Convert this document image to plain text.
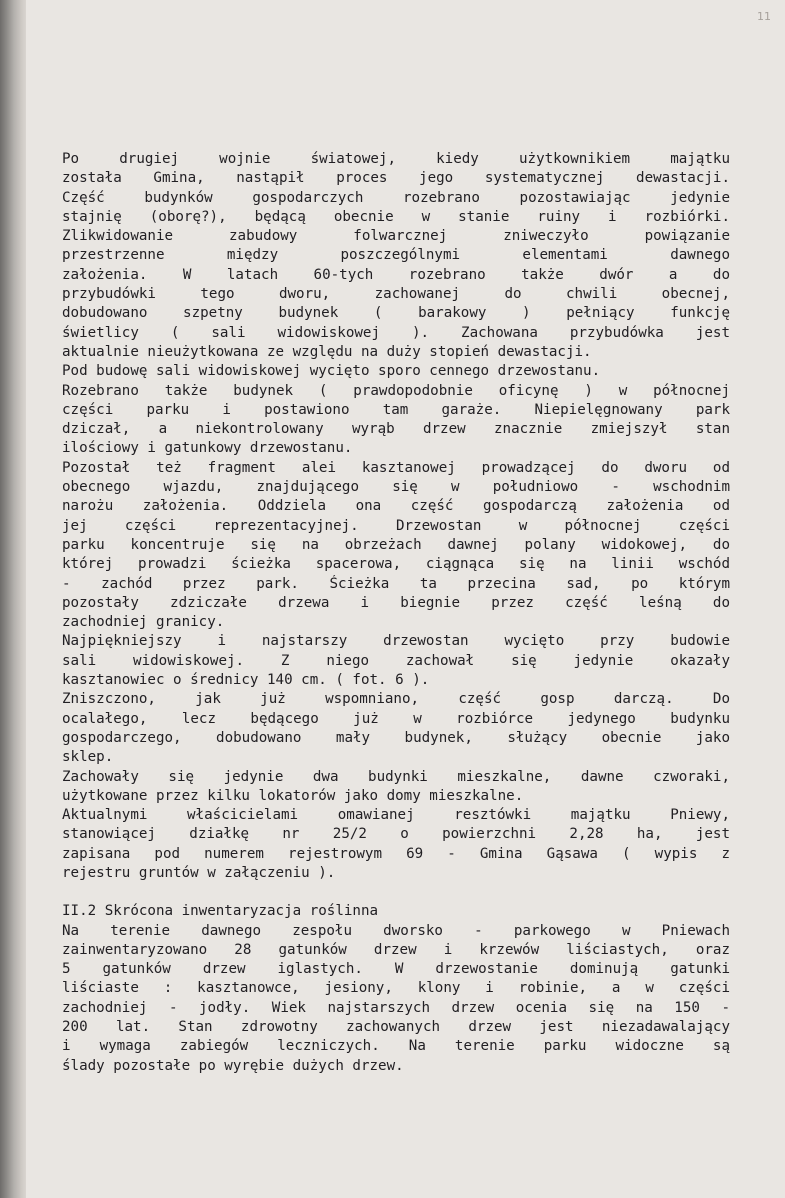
11
Po drugiej wojnie światowej, kiedy użytkownikiem majątku
została Gmina, nastąpił proces jego systematycznej dewastacji.
Część budynków gospodarczych rozebrano pozostawiając jedynie
stajnię (oborę?), będącą obecnie w stanie ruiny i rozbiórki.
Zlikwidowanie zabudowy folwarcznej zniweczyło powiązanie
przestrzenne między poszczególnymi elementami dawnego
założenia. W latach 60-tych rozebrano także dwór a do
przybudówki tego dworu, zachowanej do chwili obecnej,
dobudowano szpetny budynek ( barakowy ) pełniący funkcję
świetlicy ( sali widowiskowej ). Zachowana przybudówka jest
aktualnie nieużytkowana ze względu na duży stopień dewastacji.
Pod budowę sali widowiskowej wycięto sporo cennego drzewostanu.
Rozebrano także budynek ( prawdopodobnie oficynę ) w północnej
części parku i postawiono tam garaże. Niepielęgnowany park
dziczał, a niekontrolowany wyrąb drzew znacznie zmiejszył stan
ilościowy i gatunkowy drzewostanu.
Pozostał też fragment alei kasztanowej prowadzącej do dworu od
obecnego wjazdu, znajdującego się w południowo - wschodnim
narożu założenia. Oddziela ona część gospodarczą założenia od
jej części reprezentacyjnej. Drzewostan w północnej części
parku koncentruje się na obrzeżach dawnej polany widokowej, do
której prowadzi ścieżka spacerowa, ciągnąca się na linii wschód
- zachód przez park. Ścieżka ta przecina sad, po którym
pozostały zdziczałe drzewa i biegnie przez część leśną do
zachodniej granicy.
Najpiękniejszy i najstarszy drzewostan wycięto przy budowie
sali widowiskowej. Z niego zachował się jedynie okazały
kasztanowiec o średnicy 140 cm. ( fot. 6 ).
Zniszczono, jak już wspomniano, część gosp darczą. Do
ocalałego, lecz będącego już w rozbiórce jedynego budynku
gospodarczego, dobudowano mały budynek, służący obecnie jako
sklep.
Zachowały się jedynie dwa budynki mieszkalne, dawne czworaki,
użytkowane przez kilku lokatorów jako domy mieszkalne.
Aktualnymi właścicielami omawianej resztówki majątku Pniewy,
stanowiącej działkę nr 25/2 o powierzchni 2,28 ha, jest
zapisana pod numerem rejestrowym 69 - Gmina Gąsawa ( wypis z
rejestru gruntów w załączeniu ).
II.2 Skrócona inwentaryzacja roślinna
Na terenie dawnego zespołu dworsko - parkowego w Pniewach
zainwentaryzowano 28 gatunków drzew i krzewów liściastych, oraz
5 gatunków drzew iglastych. W drzewostanie dominują gatunki
liściaste : kasztanowce, jesiony, klony i robinie, a w części
zachodniej - jodły. Wiek najstarszych drzew ocenia się na 150 -
200 lat. Stan zdrowotny zachowanych drzew jest niezadawalający
i wymaga zabiegów leczniczych. Na terenie parku widoczne są
ślady pozostałe po wyrębie dużych drzew.
